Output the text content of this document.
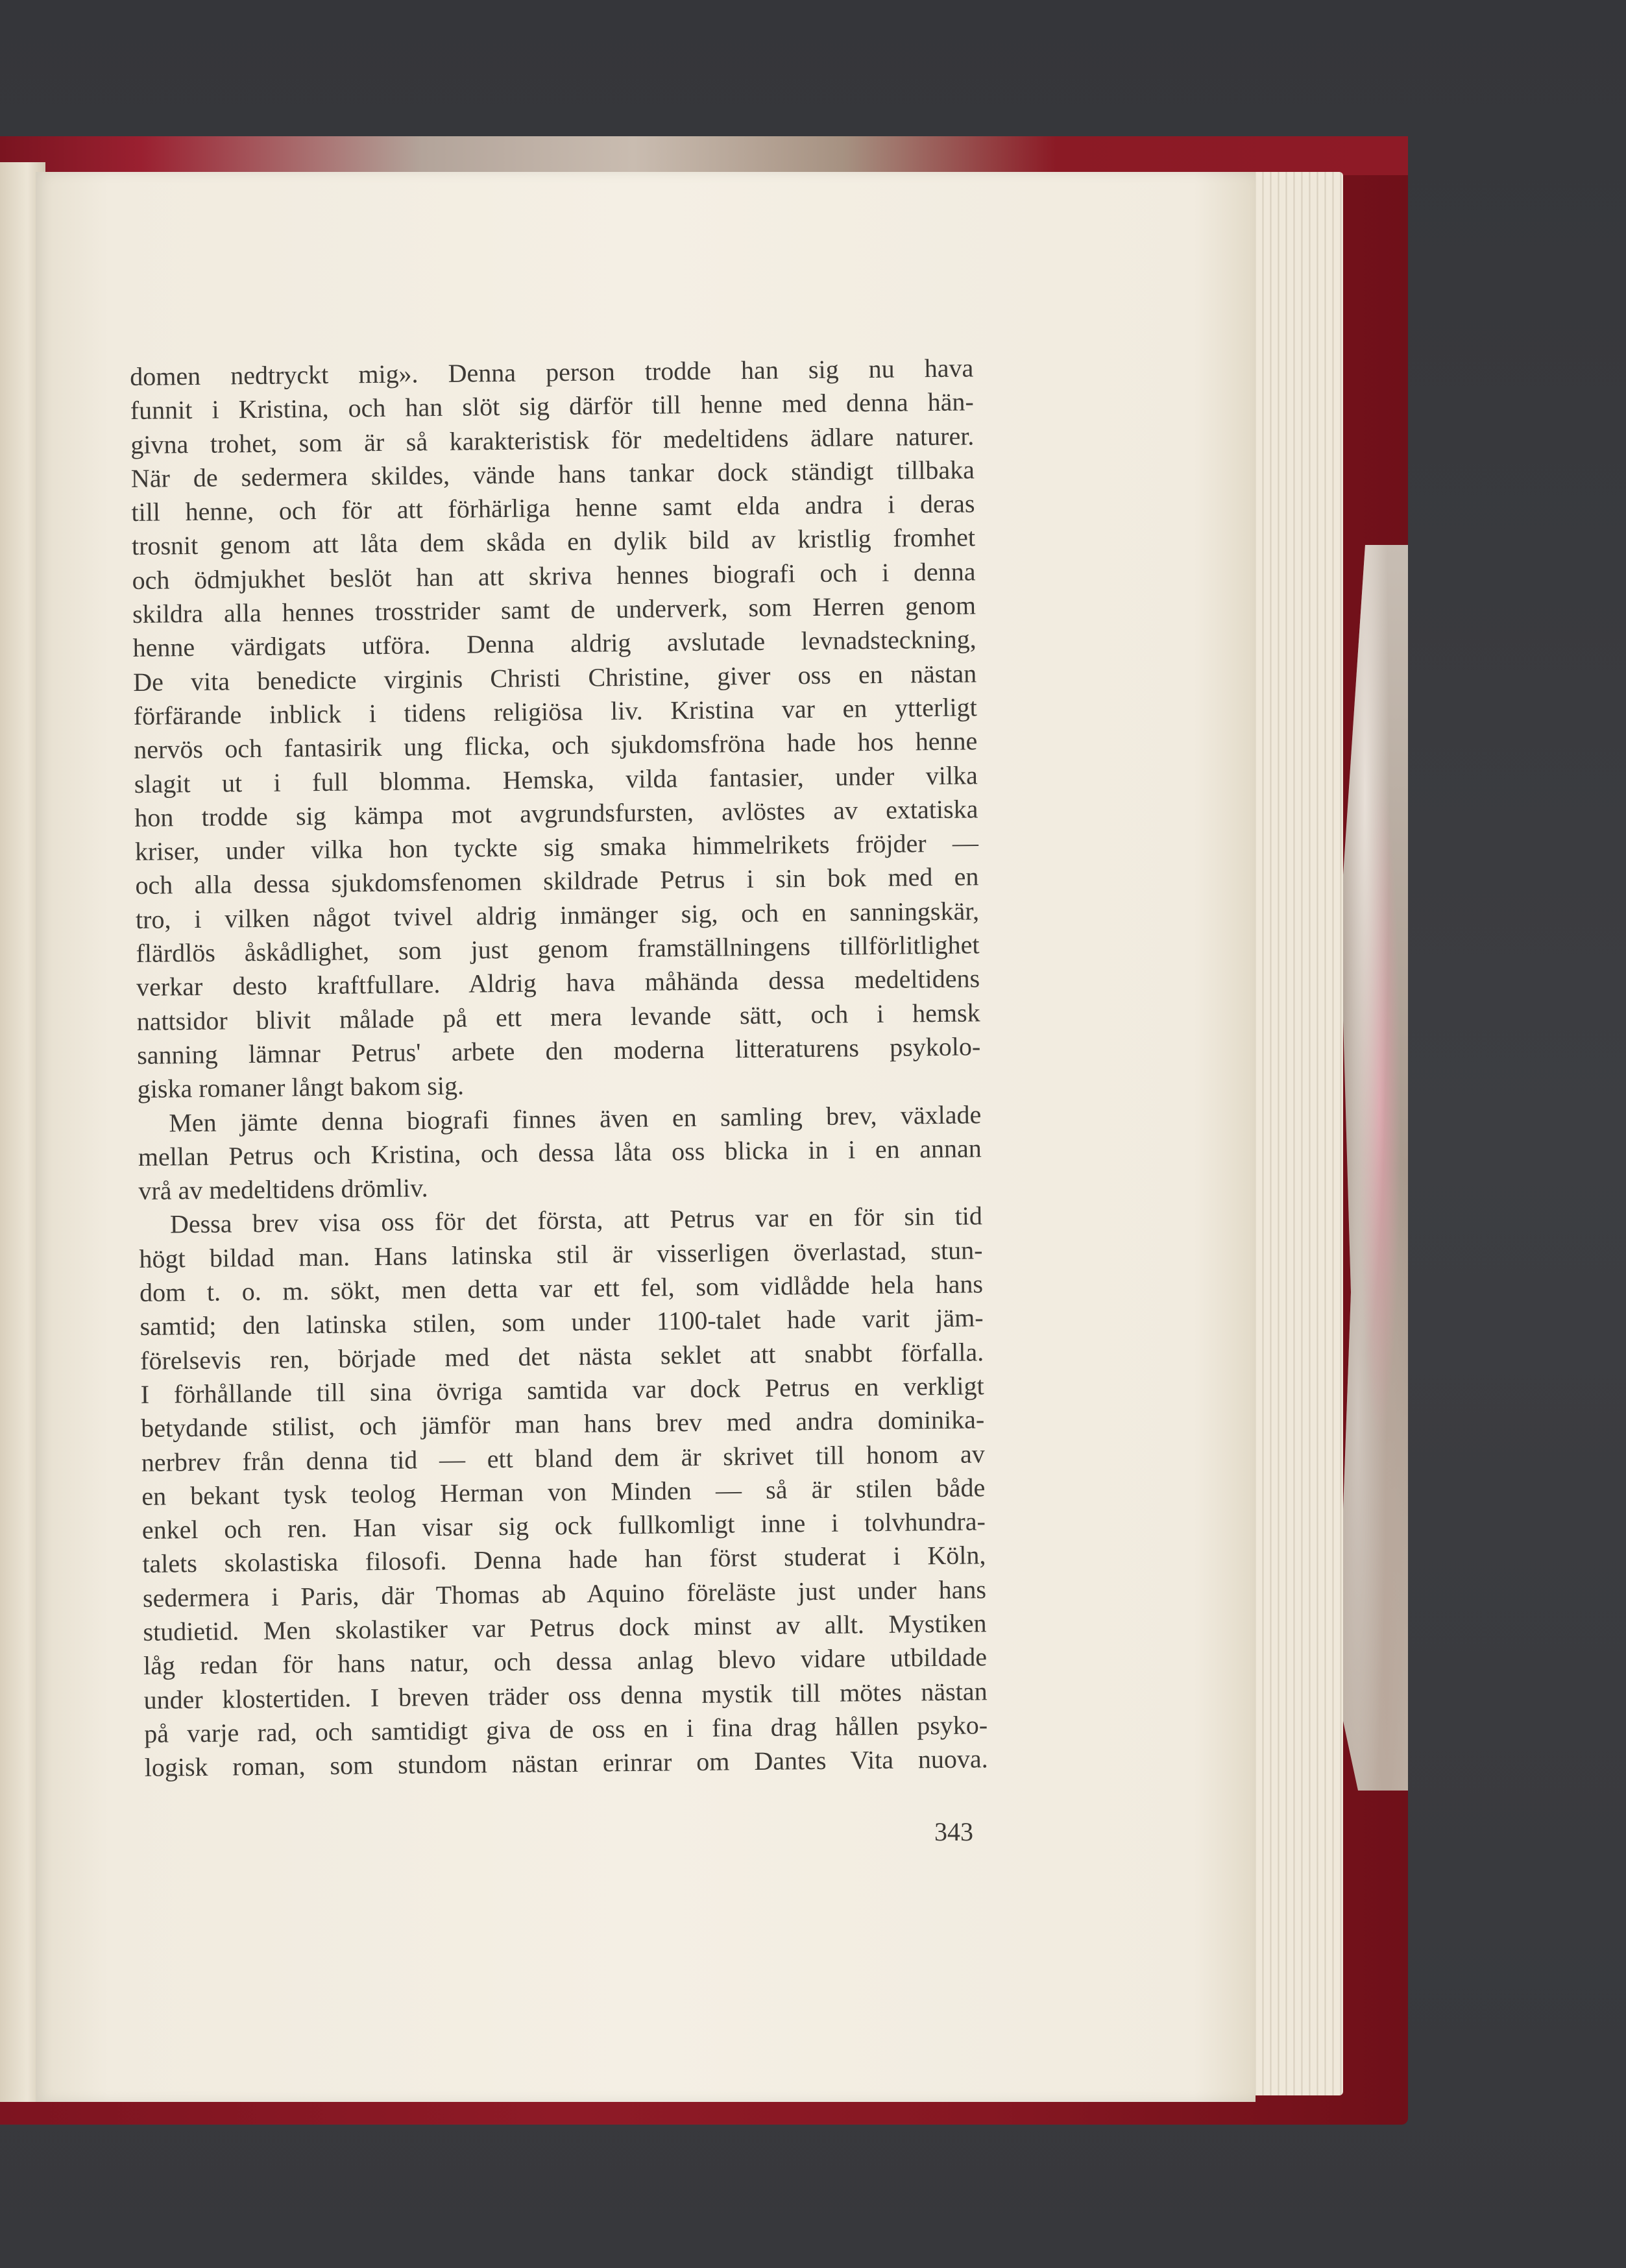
domen nedtryckt mig». Denna person trodde han sig nu hava
funnit i Kristina, och han slöt sig därför till henne med denna hän-
givna trohet, som är så karakteristisk för medeltidens ädlare naturer.
När de sedermera skildes, vände hans tankar dock ständigt tillbaka
till henne, och för att förhärliga henne samt elda andra i deras
trosnit genom att låta dem skåda en dylik bild av kristlig fromhet
och ödmjukhet beslöt han att skriva hennes biografi och i denna
skildra alla hennes trosstrider samt de underverk, som Herren genom
henne värdigats utföra. Denna aldrig avslutade levnadsteckning,
De vita benedicte virginis Christi Christine, giver oss en nästan
förfärande inblick i tidens religiösa liv. Kristina var en ytterligt
nervös och fantasirik ung flicka, och sjukdomsfröna hade hos henne
slagit ut i full blomma. Hemska, vilda fantasier, under vilka
hon trodde sig kämpa mot avgrundsfursten, avlöstes av extatiska
kriser, under vilka hon tyckte sig smaka himmelrikets fröjder —
och alla dessa sjukdomsfenomen skildrade Petrus i sin bok med en
tro, i vilken något tvivel aldrig inmänger sig, och en sanningskär,
flärdlös åskådlighet, som just genom framställningens tillförlitlighet
verkar desto kraftfullare. Aldrig hava måhända dessa medeltidens
nattsidor blivit målade på ett mera levande sätt, och i hemsk
sanning lämnar Petrus' arbete den moderna litteraturens psykolo-
giska romaner långt bakom sig.
Men jämte denna biografi finnes även en samling brev, växlade
mellan Petrus och Kristina, och dessa låta oss blicka in i en annan
vrå av medeltidens drömliv.
Dessa brev visa oss för det första, att Petrus var en för sin tid
högt bildad man. Hans latinska stil är visserligen överlastad, stun-
dom t. o. m. sökt, men detta var ett fel, som vidlådde hela hans
samtid; den latinska stilen, som under 1100-talet hade varit jäm-
förelsevis ren, började med det nästa seklet att snabbt förfalla.
I förhållande till sina övriga samtida var dock Petrus en verkligt
betydande stilist, och jämför man hans brev med andra dominika-
nerbrev från denna tid — ett bland dem är skrivet till honom av
en bekant tysk teolog Herman von Minden — så är stilen både
enkel och ren. Han visar sig ock fullkomligt inne i tolvhundra-
talets skolastiska filosofi. Denna hade han först studerat i Köln,
sedermera i Paris, där Thomas ab Aquino föreläste just under hans
studietid. Men skolastiker var Petrus dock minst av allt. Mystiken
låg redan för hans natur, och dessa anlag blevo vidare utbildade
under klostertiden. I breven träder oss denna mystik till mötes nästan
på varje rad, och samtidigt giva de oss en i fina drag hållen psyko-
logisk roman, som stundom nästan erinrar om Dantes Vita nuova.
343
